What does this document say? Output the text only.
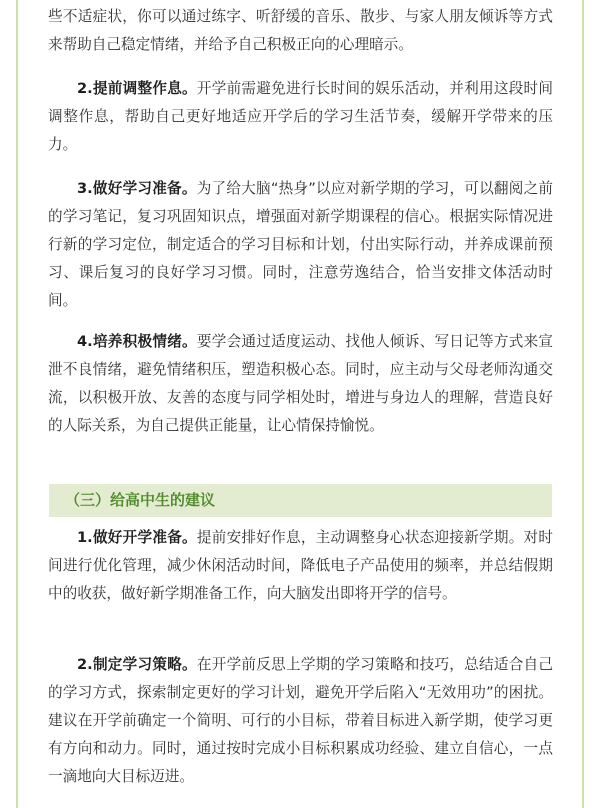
些不适症状，你可以通过练字、听舒缓的音乐、散步、与家人朋友倾诉等方式来帮助自己稳定情绪，并给予自己积极正向的心理暗示。

2.提前调整作息。开学前需避免进行长时间的娱乐活动，并利用这段时间调整作息，帮助自己更好地适应开学后的学习生活节奏，缓解开学带来的压力。

3.做好学习准备。为了给大脑“热身”以应对新学期的学习，可以翻阅之前的学习笔记，复习巩固知识点，增强面对新学期课程的信心。根据实际情况进行新的学习定位，制定适合的学习目标和计划，付出实际行动，并养成课前预习、课后复习的良好学习习惯。同时，注意劳逸结合，恰当安排文体活动时间。

4.培养积极情绪。要学会通过适度运动、找他人倾诉、写日记等方式来宣泄不良情绪，避免情绪积压，塑造积极心态。同时，应主动与父母老师沟通交流，以积极开放、友善的态度与同学相处时，增进与身边人的理解，营造良好的人际关系，为自己提供正能量，让心情保持愉悦。

（三）给高中生的建议

1.做好开学准备。提前安排好作息，主动调整身心状态迎接新学期。对时间进行优化管理，减少休闲活动时间，降低电子产品使用的频率，并总结假期中的收获，做好新学期准备工作，向大脑发出即将开学的信号。

2.制定学习策略。在开学前反思上学期的学习策略和技巧，总结适合自己的学习方式，探索制定更好的学习计划，避免开学后陷入“无效用功”的困扰。建议在开学前确定一个简明、可行的小目标，带着目标进入新学期，使学习更有方向和动力。同时，通过按时完成小目标积累成功经验、建立自信心，一点一滴地向大目标迈进。
